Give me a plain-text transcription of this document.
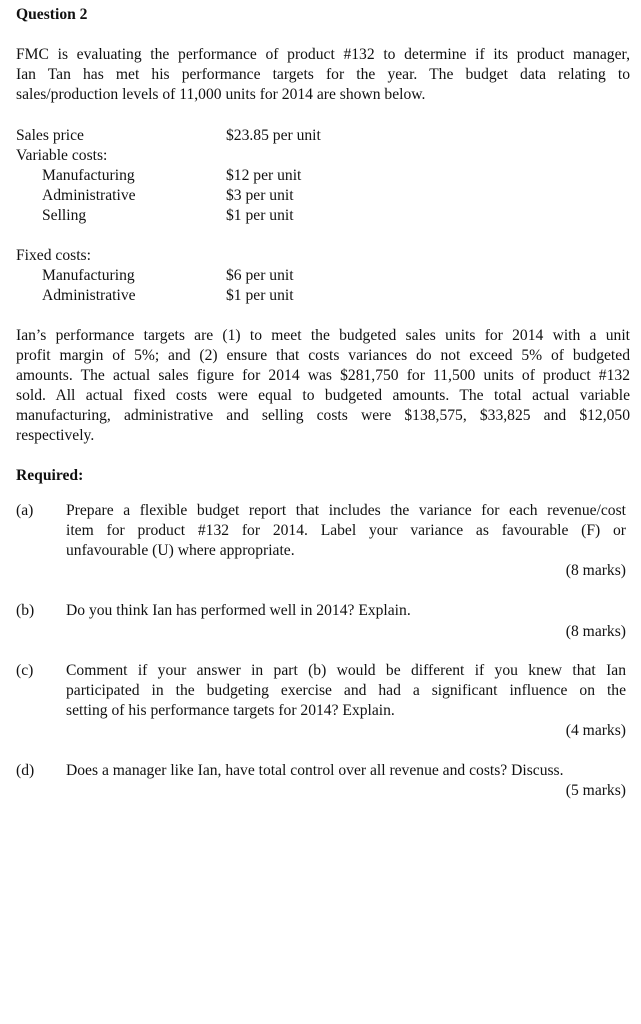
Question 2
FMC is evaluating the performance of product #132 to determine if its product manager,
Ian Tan has met his performance targets for the year. The budget data relating to
sales/production levels of 11,000 units for 2014 are shown below.
Sales price	$23.85 per unit
Variable costs:
Manufacturing	$12 per unit
Administrative	$3 per unit
Selling	$1 per unit
Fixed costs:
Manufacturing	$6 per unit
Administrative	$1 per unit
Ian’s performance targets are (1) to meet the budgeted sales units for 2014 with a unit
profit margin of 5%; and (2) ensure that costs variances do not exceed 5% of budgeted
amounts. The actual sales figure for 2014 was $281,750 for 11,500 units of product #132
sold. All actual fixed costs were equal to budgeted amounts. The total actual variable
manufacturing, administrative and selling costs were $138,575, $33,825 and $12,050
respectively.
Required:
(a) Prepare a flexible budget report that includes the variance for each revenue/cost
item for product #132 for 2014. Label your variance as favourable (F) or
unfavourable (U) where appropriate.
(8 marks)
(b) Do you think Ian has performed well in 2014? Explain.
(8 marks)
(c) Comment if your answer in part (b) would be different if you knew that Ian
participated in the budgeting exercise and had a significant influence on the
setting of his performance targets for 2014? Explain.
(4 marks)
(d) Does a manager like Ian, have total control over all revenue and costs? Discuss.
(5 marks)
